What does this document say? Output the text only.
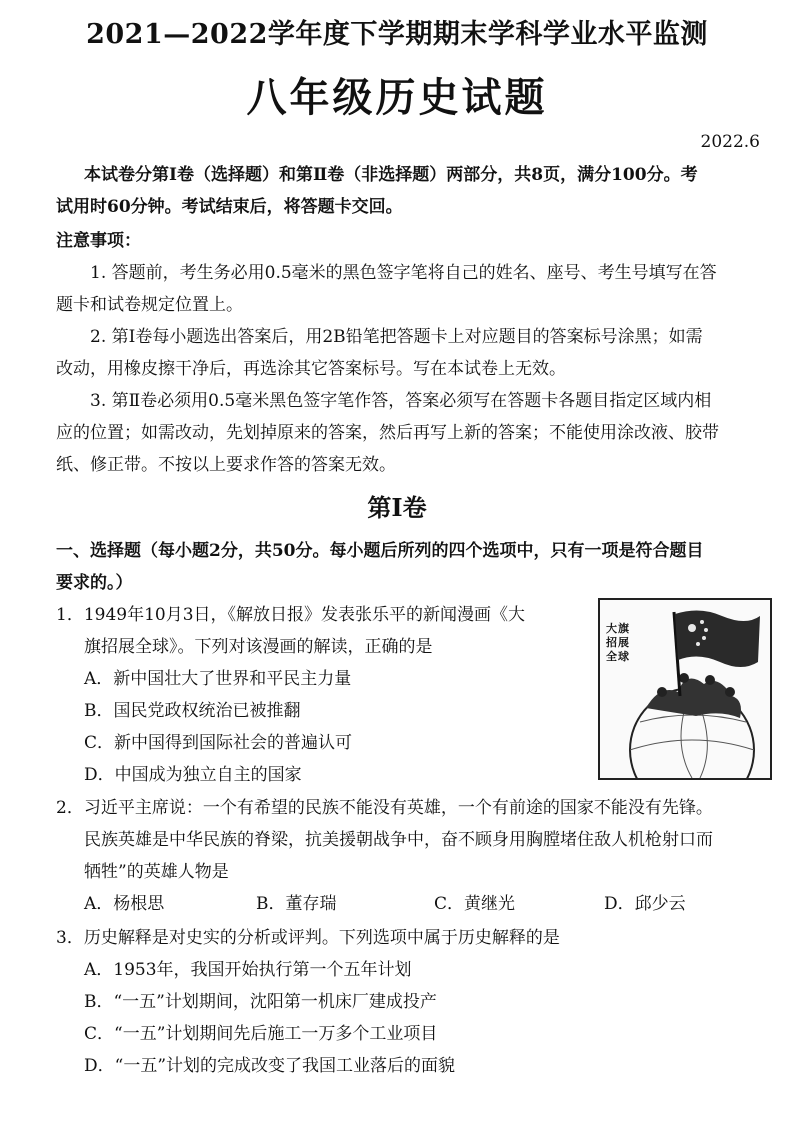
2021—2022学年度下学期期末学科学业水平监测
八年级历史试题
2022.6
本试卷分第Ⅰ卷（选择题）和第Ⅱ卷（非选择题）两部分，共8页，满分100分。考
试用时60分钟。考试结束后，将答题卡交回。
注意事项：
1. 答题前，考生务必用0.5毫米的黑色签字笔将自己的姓名、座号、考生号填写在答
题卡和试卷规定位置上。
2. 第Ⅰ卷每小题选出答案后，用2B铅笔把答题卡上对应题目的答案标号涂黑；如需
改动，用橡皮擦干净后，再选涂其它答案标号。写在本试卷上无效。
3. 第Ⅱ卷必须用0.5毫米黑色签字笔作答，答案必须写在答题卡各题目指定区域内相
应的位置；如需改动，先划掉原来的答案，然后再写上新的答案；不能使用涂改液、胶带
纸、修正带。不按以上要求作答的答案无效。
第Ⅰ卷
一、选择题（每小题2分，共50分。每小题后所列的四个选项中，只有一项是符合题目
要求的。）
1．1949年10月3日，《解放日报》发表张乐平的新闻漫画《大
旗招展全球》。下列对该漫画的解读，正确的是
A．新中国壮大了世界和平民主力量
B．国民党政权统治已被推翻
C．新中国得到国际社会的普遍认可
D．中国成为独立自主的国家
大旗 招展 全球
2．习近平主席说：一个有希望的民族不能没有英雄，一个有前途的国家不能没有先锋。
民族英雄是中华民族的脊梁，抗美援朝战争中，奋不顾身用胸膛堵住敌人机枪射口而
牺牲”的英雄人物是
A．杨根思	B．董存瑞	C．黄继光	D．邱少云
3．历史解释是对史实的分析或评判。下列选项中属于历史解释的是
A．1953年，我国开始执行第一个五年计划
B．“一五”计划期间，沈阳第一机床厂建成投产
C．“一五”计划期间先后施工一万多个工业项目
D．“一五”计划的完成改变了我国工业落后的面貌
